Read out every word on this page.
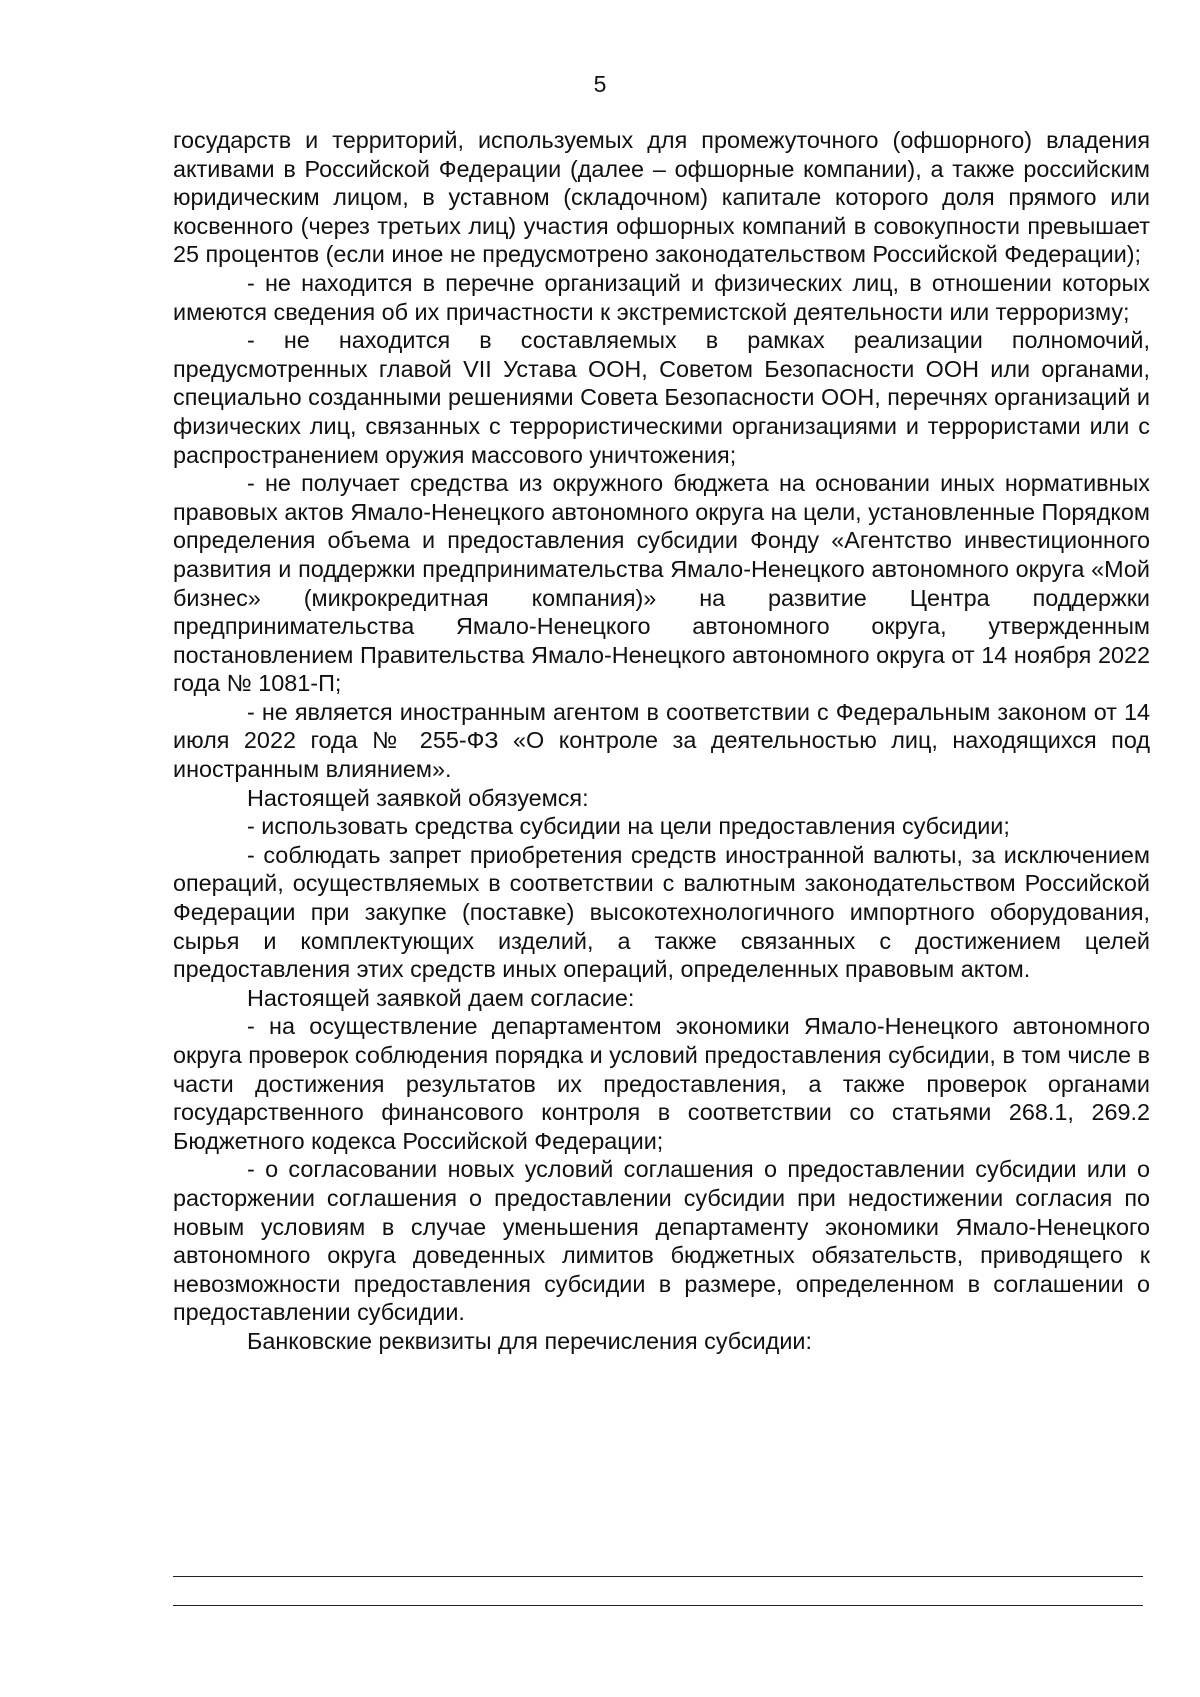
5

государств и территорий, используемых для промежуточного (офшорного) владения активами в Российской Федерации (далее – офшорные компании), а также российским юридическим лицом, в уставном (складочном) капитале которого доля прямого или косвенного (через третьих лиц) участия офшорных компаний в совокупности превышает 25 процентов (если иное не предусмотрено законодательством Российской Федерации);

- не находится в перечне организаций и физических лиц, в отношении которых имеются сведения об их причастности к экстремистской деятельности или терроризму;

- не находится в составляемых в рамках реализации полномочий, предусмотренных главой VII Устава ООН, Советом Безопасности ООН или органами, специально созданными решениями Совета Безопасности ООН, перечнях организаций и физических лиц, связанных с террористическими организациями и террористами или с распространением оружия массового уничтожения;

- не получает средства из окружного бюджета на основании иных нормативных правовых актов Ямало-Ненецкого автономного округа на цели, установленные Порядком определения объема и предоставления субсидии Фонду «Агентство инвестиционного развития и поддержки предпринимательства Ямало-Ненецкого автономного округа «Мой бизнес» (микрокредитная компания)» на развитие Центра поддержки предпринимательства Ямало-Ненецкого автономного округа, утвержденным постановлением Правительства Ямало-Ненецкого автономного округа от 14 ноября 2022 года № 1081-П;

- не является иностранным агентом в соответствии с Федеральным законом от 14 июля 2022 года № 255-ФЗ «О контроле за деятельностью лиц, находящихся под иностранным влиянием».

Настоящей заявкой обязуемся:

- использовать средства субсидии на цели предоставления субсидии;

- соблюдать запрет приобретения средств иностранной валюты, за исключением операций, осуществляемых в соответствии с валютным законодательством Российской Федерации при закупке (поставке) высокотехнологичного импортного оборудования, сырья и комплектующих изделий, а также связанных с достижением целей предоставления этих средств иных операций, определенных правовым актом.

Настоящей заявкой даем согласие:

- на осуществление департаментом экономики Ямало-Ненецкого автономного округа проверок соблюдения порядка и условий предоставления субсидии, в том числе в части достижения результатов их предоставления, а также проверок органами государственного финансового контроля в соответствии со статьями 268.1, 269.2 Бюджетного кодекса Российской Федерации;

- о согласовании новых условий соглашения о предоставлении субсидии или о расторжении соглашения о предоставлении субсидии при недостижении согласия по новым условиям в случае уменьшения департаменту экономики Ямало-Ненецкого автономного округа доведенных лимитов бюджетных обязательств, приводящего к невозможности предоставления субсидии в размере, определенном в соглашении о предоставлении субсидии.

Банковские реквизиты для перечисления субсидии:
